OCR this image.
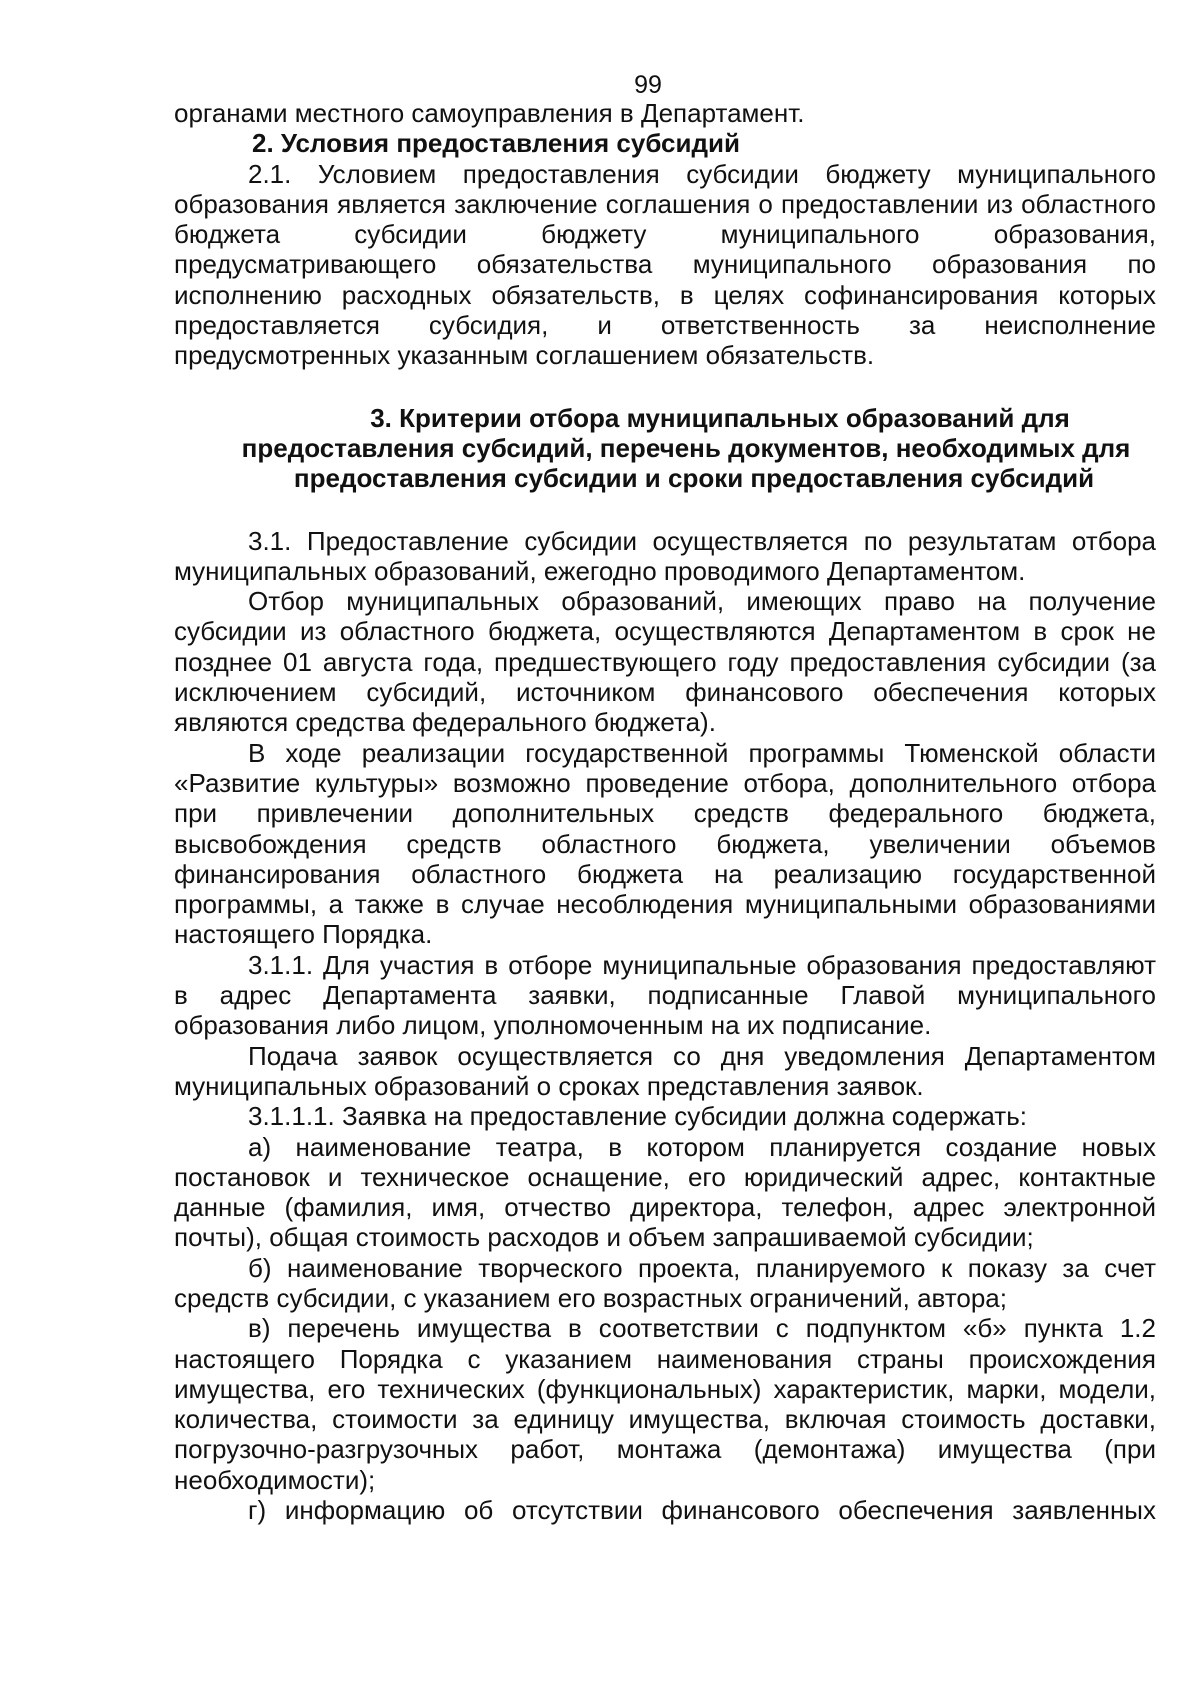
99

органами местного самоуправления в Департамент.

2. Условия предоставления субсидий

2.1. Условием предоставления субсидии бюджету муниципального образования является заключение соглашения о предоставлении из областного бюджета субсидии бюджету муниципального образования, предусматривающего обязательства муниципального образования по исполнению расходных обязательств, в целях софинансирования которых предоставляется субсидия, и ответственность за неисполнение предусмотренных указанным соглашением обязательств.

3. Критерии отбора муниципальных образований для
предоставления субсидий, перечень документов, необходимых для
предоставления субсидии и сроки предоставления субсидий

3.1. Предоставление субсидии осуществляется по результатам отбора муниципальных образований, ежегодно проводимого Департаментом.

Отбор муниципальных образований, имеющих право на получение субсидии из областного бюджета, осуществляются Департаментом в срок не позднее 01 августа года, предшествующего году предоставления субсидии (за исключением субсидий, источником финансового обеспечения которых являются средства федерального бюджета).

В ходе реализации государственной программы Тюменской области «Развитие культуры» возможно проведение отбора, дополнительного отбора при привлечении дополнительных средств федерального бюджета, высвобождения средств областного бюджета, увеличении объемов финансирования областного бюджета на реализацию государственной программы, а также в случае несоблюдения муниципальными образованиями настоящего Порядка.

3.1.1. Для участия в отборе муниципальные образования предоставляют в адрес Департамента заявки, подписанные Главой муниципального образования либо лицом, уполномоченным на их подписание.

Подача заявок осуществляется со дня уведомления Департаментом муниципальных образований о сроках представления заявок.

3.1.1.1. Заявка на предоставление субсидии должна содержать:

а) наименование театра, в котором планируется создание новых постановок и техническое оснащение, его юридический адрес, контактные данные (фамилия, имя, отчество директора, телефон, адрес электронной почты), общая стоимость расходов и объем запрашиваемой субсидии;

б) наименование творческого проекта, планируемого к показу за счет средств субсидии, с указанием его возрастных ограничений, автора;

в) перечень имущества в соответствии с подпунктом «б» пункта 1.2 настоящего Порядка с указанием наименования страны происхождения имущества, его технических (функциональных) характеристик, марки, модели, количества, стоимости за единицу имущества, включая стоимость доставки, погрузочно-разгрузочных работ, монтажа (демонтажа) имущества (при необходимости);

г) информацию об отсутствии финансового обеспечения заявленных
